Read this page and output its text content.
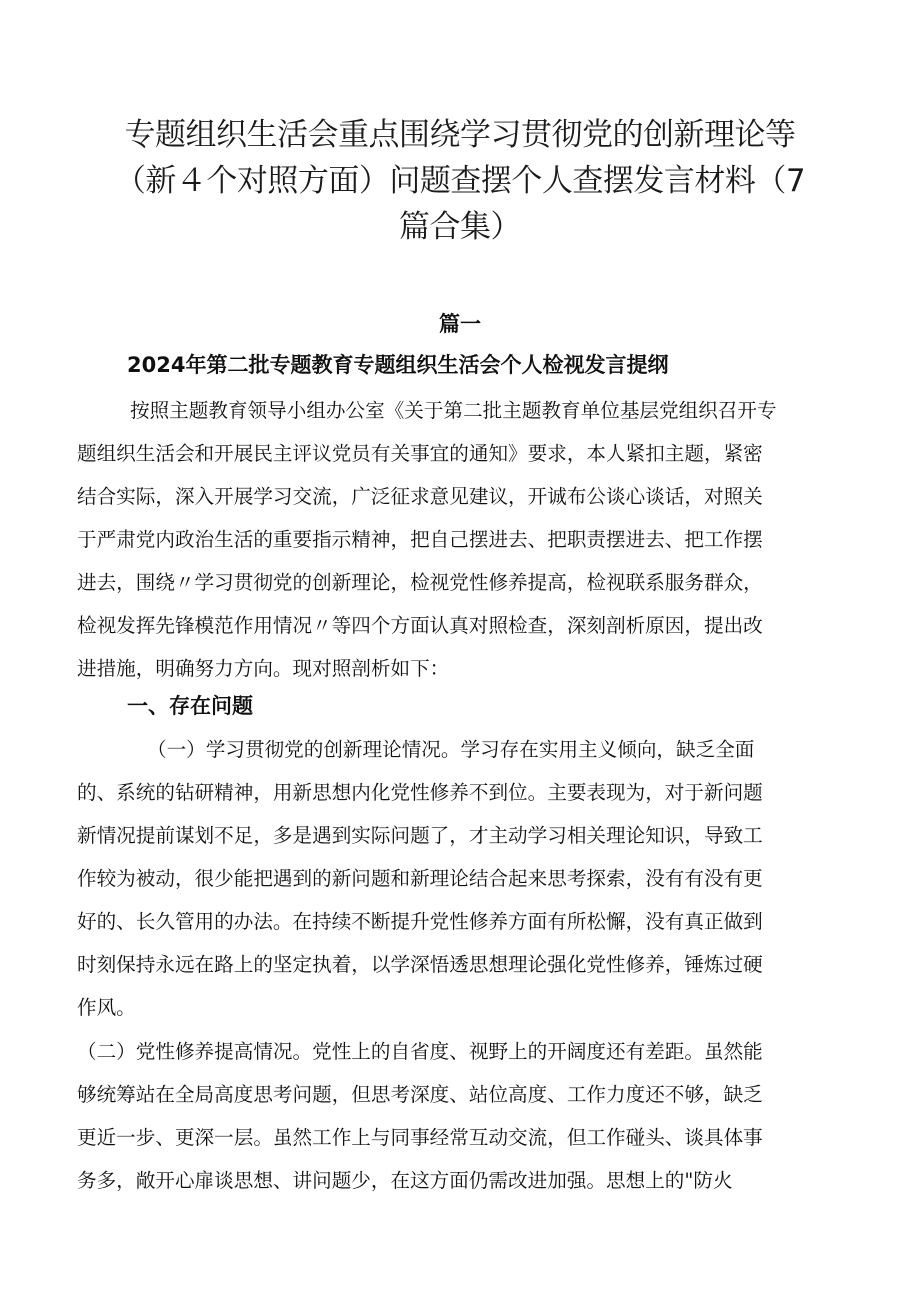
专题组织生活会重点围绕学习贯彻党的创新理论等
（新４个对照方面）问题查摆个人查摆发言材料（7
篇合集）
篇一
2024年第二批专题教育专题组织生活会个人检视发言提纲
按照主题教育领导小组办公室《关于第二批主题教育单位基层党组织召开专
题组织生活会和开展民主评议党员有关事宜的通知》要求，本人紧扣主题，紧密
结合实际，深入开展学习交流，广泛征求意见建议，开诚布公谈心谈话，对照关
于严肃党内政治生活的重要指示精神，把自己摆进去、把职责摆进去、把工作摆
进去，围绕〃学习贯彻党的创新理论，检视党性修养提高，检视联系服务群众，
检视发挥先锋模范作用情况〃等四个方面认真对照检查，深刻剖析原因，提出改
进措施，明确努力方向。现对照剖析如下：
一、存在问题
（一）学习贯彻党的创新理论情况。学习存在实用主义倾向，缺乏全面
的、系统的钻研精神，用新思想内化党性修养不到位。主要表现为，对于新问题
新情况提前谋划不足，多是遇到实际问题了，才主动学习相关理论知识，导致工
作较为被动，很少能把遇到的新问题和新理论结合起来思考探索，没有有没有更
好的、长久管用的办法。在持续不断提升党性修养方面有所松懈，没有真正做到
时刻保持永远在路上的坚定执着，以学深悟透思想理论强化党性修养，锤炼过硬
作风。
（二）党性修养提高情况。党性上的自省度、视野上的开阔度还有差距。虽然能
够统筹站在全局高度思考问题，但思考深度、站位高度、工作力度还不够，缺乏
更近一步、更深一层。虽然工作上与同事经常互动交流，但工作碰头、谈具体事
务多，敞开心扉谈思想、讲问题少，在这方面仍需改进加强。思想上的"防火
